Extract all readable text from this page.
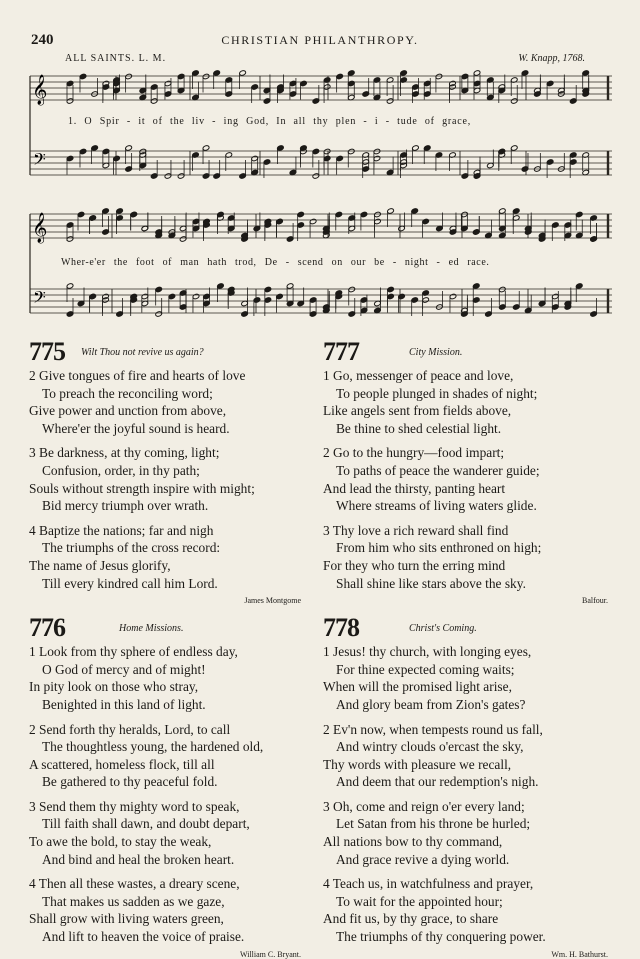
240	CHRISTIAN PHILANTHROPY.
ALL SAINTS. L. M.	W. Knapp, 1768.
𝄞
𝄢
1. O Spir - it of the liv - ing God, In all thy plen - i - tude of grace,
𝄞
𝄢
Wher-e'er the foot of man hath trod, De - scend on our be - night - ed race.
775 Wilt Thou not revive us again?
2 Give tongues of fire and hearts of love
To preach the reconciling word;
Give power and unction from above,
Where'er the joyful sound is heard.
3 Be darkness, at thy coming, light;
Confusion, order, in thy path;
Souls without strength inspire with might;
Bid mercy triumph over wrath.
4 Baptize the nations; far and nigh
The triumphs of the cross record:
The name of Jesus glorify,
Till every kindred call him Lord.
James Montgome
776	Home Missions.
1 Look from thy sphere of endless day,
O God of mercy and of might!
In pity look on those who stray,
Benighted in this land of light.
2 Send forth thy heralds, Lord, to call
The thoughtless young, the hardened old,
A scattered, homeless flock, till all
Be gathered to thy peaceful fold.
3 Send them thy mighty word to speak,
Till faith shall dawn, and doubt depart,
To awe the bold, to stay the weak,
And bind and heal the broken heart.
4 Then all these wastes, a dreary scene,
That makes us sadden as we gaze,
Shall grow with living waters green,
And lift to heaven the voice of praise.
William C. Bryant.
777	City Mission.
1 Go, messenger of peace and love,
To people plunged in shades of night;
Like angels sent from fields above,
Be thine to shed celestial light.
2 Go to the hungry—food impart;
To paths of peace the wanderer guide;
And lead the thirsty, panting heart
Where streams of living waters glide.
3 Thy love a rich reward shall find
From him who sits enthroned on high;
For they who turn the erring mind
Shall shine like stars above the sky.
Balfour.
778	Christ's Coming.
1 Jesus! thy church, with longing eyes,
For thine expected coming waits;
When will the promised light arise,
And glory beam from Zion's gates?
2 Ev'n now, when tempests round us fall,
And wintry clouds o'ercast the sky,
Thy words with pleasure we recall,
And deem that our redemption's nigh.
3 Oh, come and reign o'er every land;
Let Satan from his throne be hurled;
All nations bow to thy command,
And grace revive a dying world.
4 Teach us, in watchfulness and prayer,
To wait for the appointed hour;
And fit us, by thy grace, to share
The triumphs of thy conquering power.
Wm. H. Bathurst.
